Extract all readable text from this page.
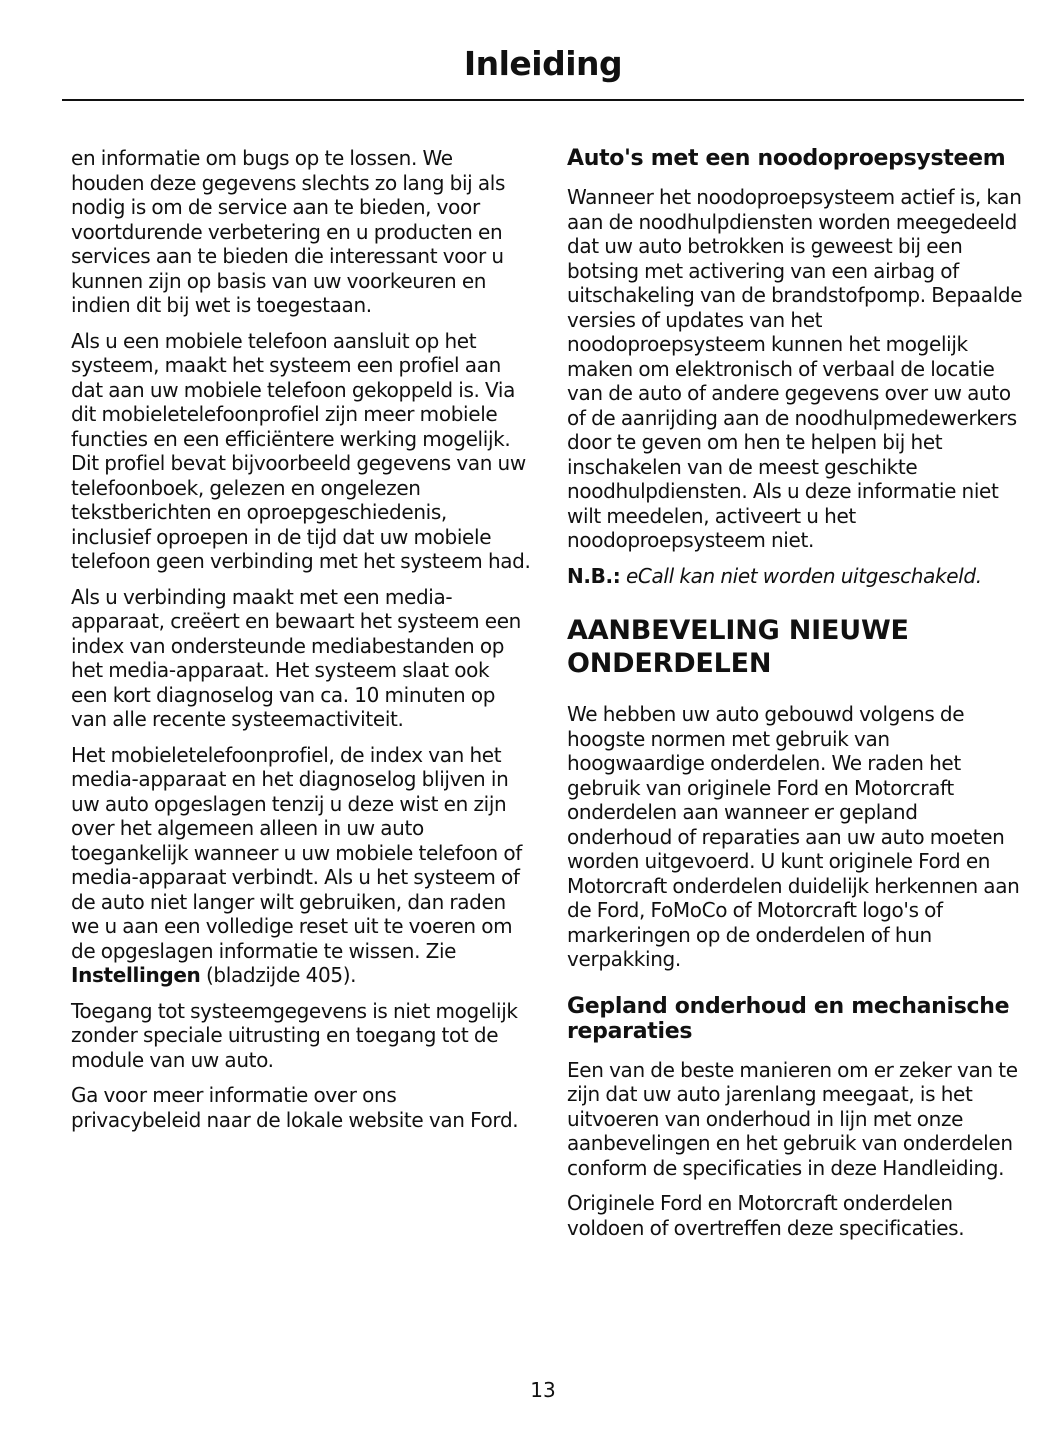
Inleiding

en informatie om bugs op te lossen. We houden deze gegevens slechts zo lang bij als nodig is om de service aan te bieden, voor voortdurende verbetering en u producten en services aan te bieden die interessant voor u kunnen zijn op basis van uw voorkeuren en indien dit bij wet is toegestaan.

Als u een mobiele telefoon aansluit op het systeem, maakt het systeem een profiel aan dat aan uw mobiele telefoon gekoppeld is. Via dit mobieletelefoonprofiel zijn meer mobiele functies en een efficiëntere werking mogelijk. Dit profiel bevat bijvoorbeeld gegevens van uw telefoonboek, gelezen en ongelezen tekstberichten en oproepgeschiedenis, inclusief oproepen in de tijd dat uw mobiele telefoon geen verbinding met het systeem had.

Als u verbinding maakt met een media-apparaat, creëert en bewaart het systeem een index van ondersteunde mediabestanden op het media-apparaat. Het systeem slaat ook een kort diagnoselog van ca. 10 minuten op van alle recente systeemactiviteit.

Het mobieletelefoonprofiel, de index van het media-apparaat en het diagnoselog blijven in uw auto opgeslagen tenzij u deze wist en zijn over het algemeen alleen in uw auto toegankelijk wanneer u uw mobiele telefoon of media-apparaat verbindt. Als u het systeem of de auto niet langer wilt gebruiken, dan raden we u aan een volledige reset uit te voeren om de opgeslagen informatie te wissen. Zie Instellingen (bladzijde 405).

Toegang tot systeemgegevens is niet mogelijk zonder speciale uitrusting en toegang tot de module van uw auto.

Ga voor meer informatie over ons privacybeleid naar de lokale website van Ford.

Auto's met een noodoproepsysteem

Wanneer het noodoproepsysteem actief is, kan aan de noodhulpdiensten worden meegedeeld dat uw auto betrokken is geweest bij een botsing met activering van een airbag of uitschakeling van de brandstofpomp. Bepaalde versies of updates van het noodoproepsysteem kunnen het mogelijk maken om elektronisch of verbaal de locatie van de auto of andere gegevens over uw auto of de aanrijding aan de noodhulpmedewerkers door te geven om hen te helpen bij het inschakelen van de meest geschikte noodhulpdiensten. Als u deze informatie niet wilt meedelen, activeert u het noodoproepsysteem niet.

N.B.: eCall kan niet worden uitgeschakeld.

AANBEVELING NIEUWE ONDERDELEN

We hebben uw auto gebouwd volgens de hoogste normen met gebruik van hoogwaardige onderdelen. We raden het gebruik van originele Ford en Motorcraft onderdelen aan wanneer er gepland onderhoud of reparaties aan uw auto moeten worden uitgevoerd. U kunt originele Ford en Motorcraft onderdelen duidelijk herkennen aan de Ford, FoMoCo of Motorcraft logo's of markeringen op de onderdelen of hun verpakking.

Gepland onderhoud en mechanische reparaties

Een van de beste manieren om er zeker van te zijn dat uw auto jarenlang meegaat, is het uitvoeren van onderhoud in lijn met onze aanbevelingen en het gebruik van onderdelen conform de specificaties in deze Handleiding.

Originele Ford en Motorcraft onderdelen voldoen of overtreffen deze specificaties.

13
